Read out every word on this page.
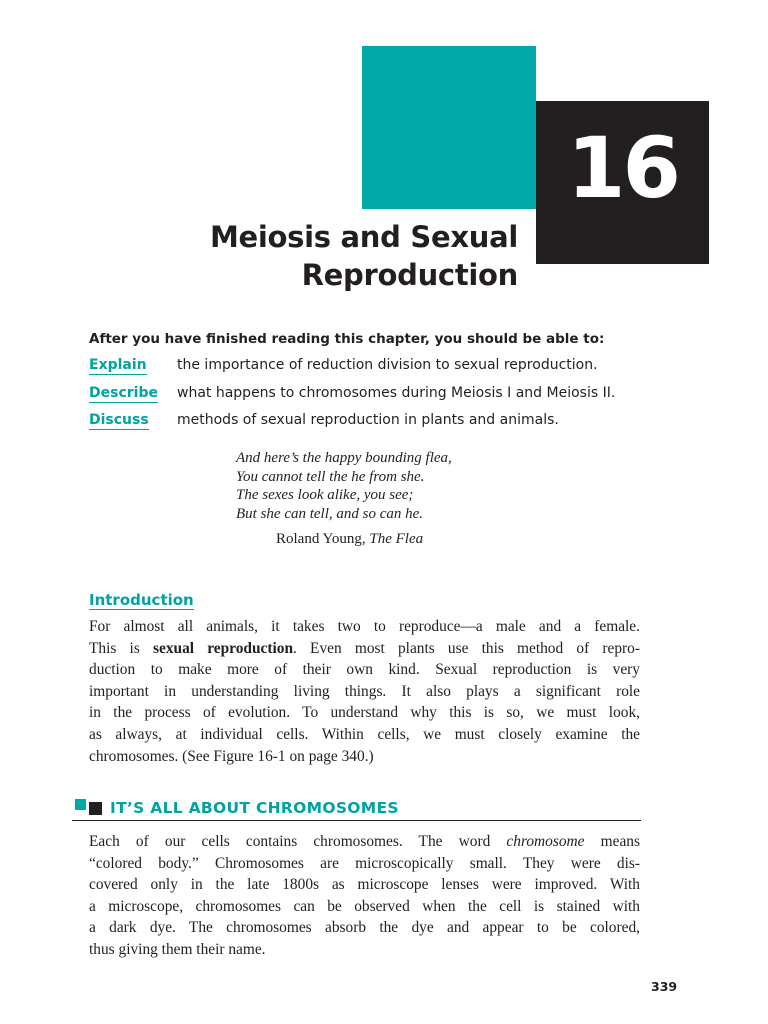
16
Meiosis and Sexual
Reproduction
After you have finished reading this chapter, you should be able to:
Explain the importance of reduction division to sexual reproduction.
Describe what happens to chromosomes during Meiosis I and Meiosis II.
Discuss methods of sexual reproduction in plants and animals.
And here’s the happy bounding flea,
You cannot tell the he from she.
The sexes look alike, you see;
But she can tell, and so can he.
Roland Young, The Flea
Introduction
For almost all animals, it takes two to reproduce—a male and a female.
This is sexual reproduction. Even most plants use this method of repro-
duction to make more of their own kind. Sexual reproduction is very
important in understanding living things. It also plays a significant role
in the process of evolution. To understand why this is so, we must look,
as always, at individual cells. Within cells, we must closely examine the
chromosomes. (See Figure 16-1 on page 340.)
IT’S ALL ABOUT CHROMOSOMES
Each of our cells contains chromosomes. The word chromosome means
“colored body.” Chromosomes are microscopically small. They were dis-
covered only in the late 1800s as microscope lenses were improved. With
a microscope, chromosomes can be observed when the cell is stained with
a dark dye. The chromosomes absorb the dye and appear to be colored,
thus giving them their name.
339
